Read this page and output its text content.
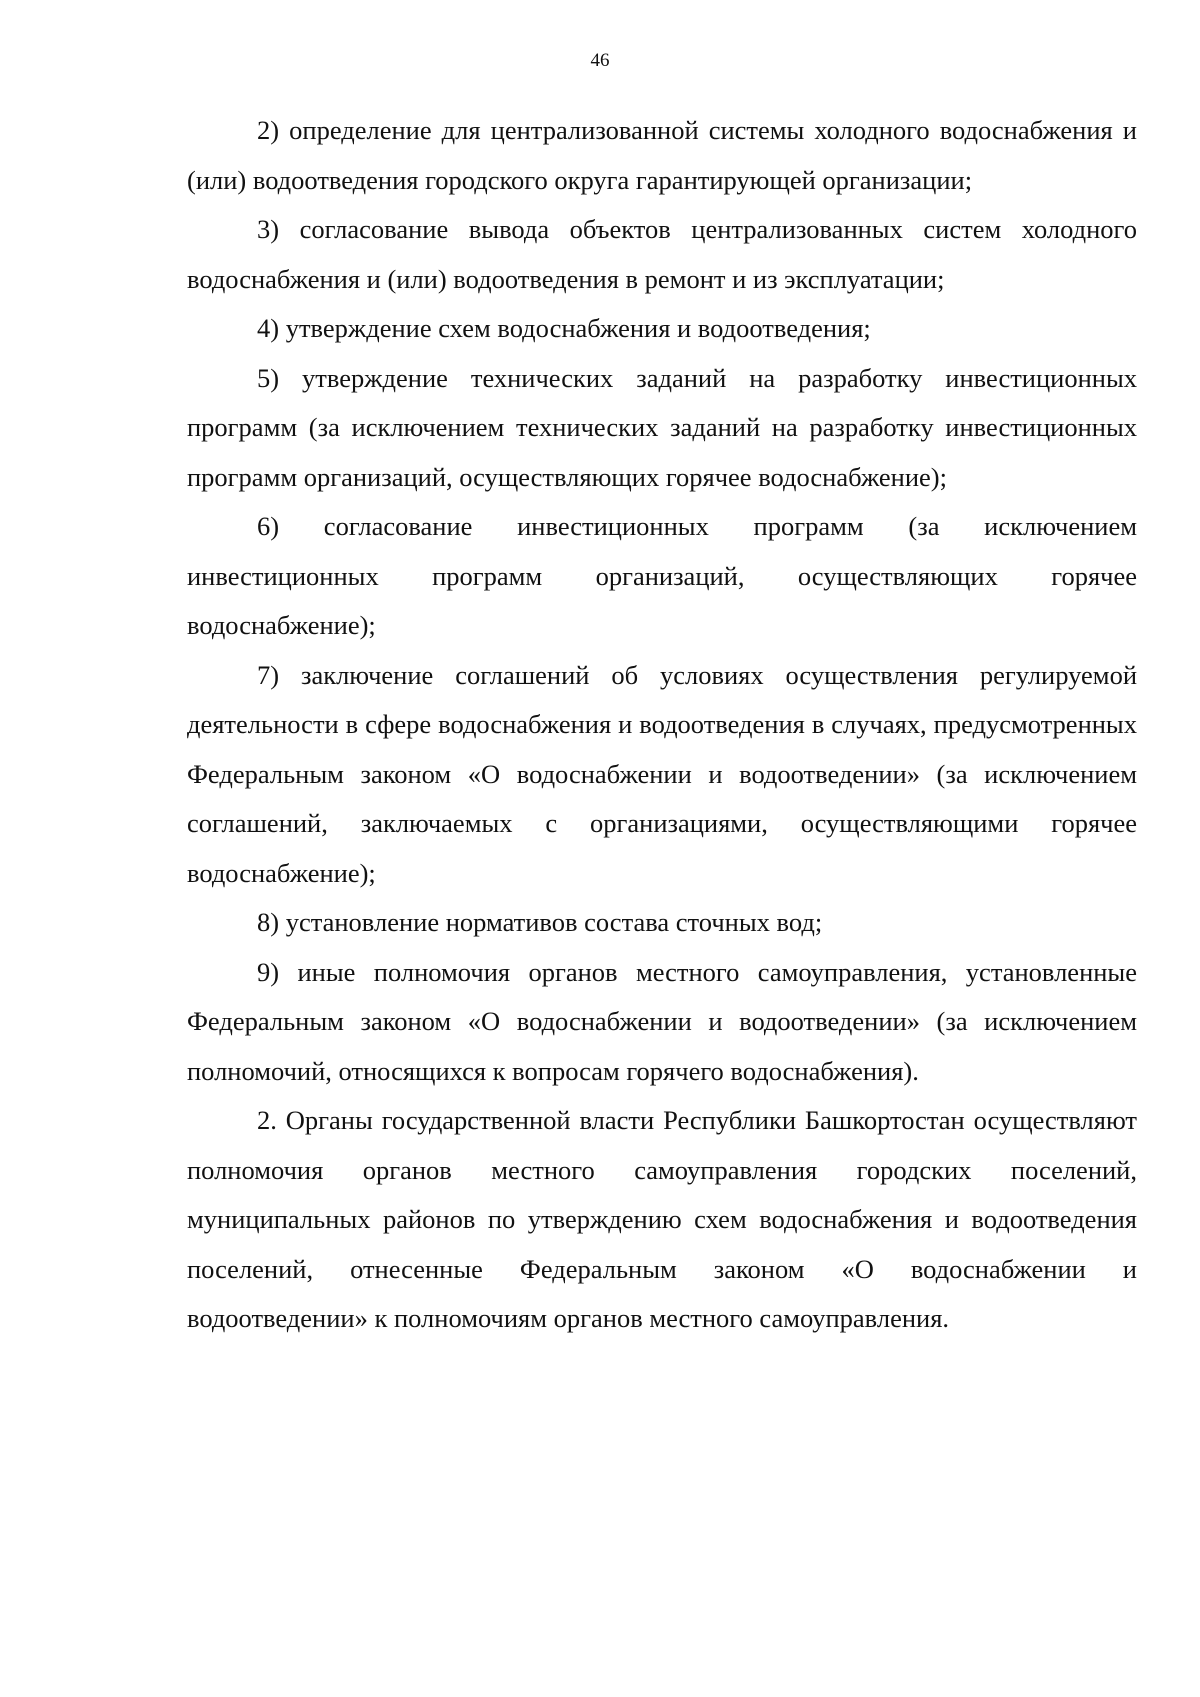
46

2) определение для централизованной системы холодного водоснабжения и (или) водоотведения городского округа гарантирующей организации;

3) согласование вывода объектов централизованных систем холодного водоснабжения и (или) водоотведения в ремонт и из эксплуатации;

4) утверждение схем водоснабжения и водоотведения;

5) утверждение технических заданий на разработку инвестиционных программ (за исключением технических заданий на разработку инвестиционных программ организаций, осуществляющих горячее водоснабжение);

6) согласование инвестиционных программ (за исключением инвестиционных программ организаций, осуществляющих горячее водоснабжение);

7) заключение соглашений об условиях осуществления регулируемой деятельности в сфере водоснабжения и водоотведения в случаях, предусмотренных Федеральным законом «О водоснабжении и водоотведении» (за исключением соглашений, заключаемых с организациями, осуществляющими горячее водоснабжение);

8) установление нормативов состава сточных вод;

9) иные полномочия органов местного самоуправления, установленные Федеральным законом «О водоснабжении и водоотведении» (за исключением полномочий, относящихся к вопросам горячего водоснабжения).

2. Органы государственной власти Республики Башкортостан осуществляют полномочия органов местного самоуправления городских поселений, муниципальных районов по утверждению схем водоснабжения и водоотведения поселений, отнесенные Федеральным законом «О водоснабжении и водоотведении» к полномочиям органов местного самоуправления.
